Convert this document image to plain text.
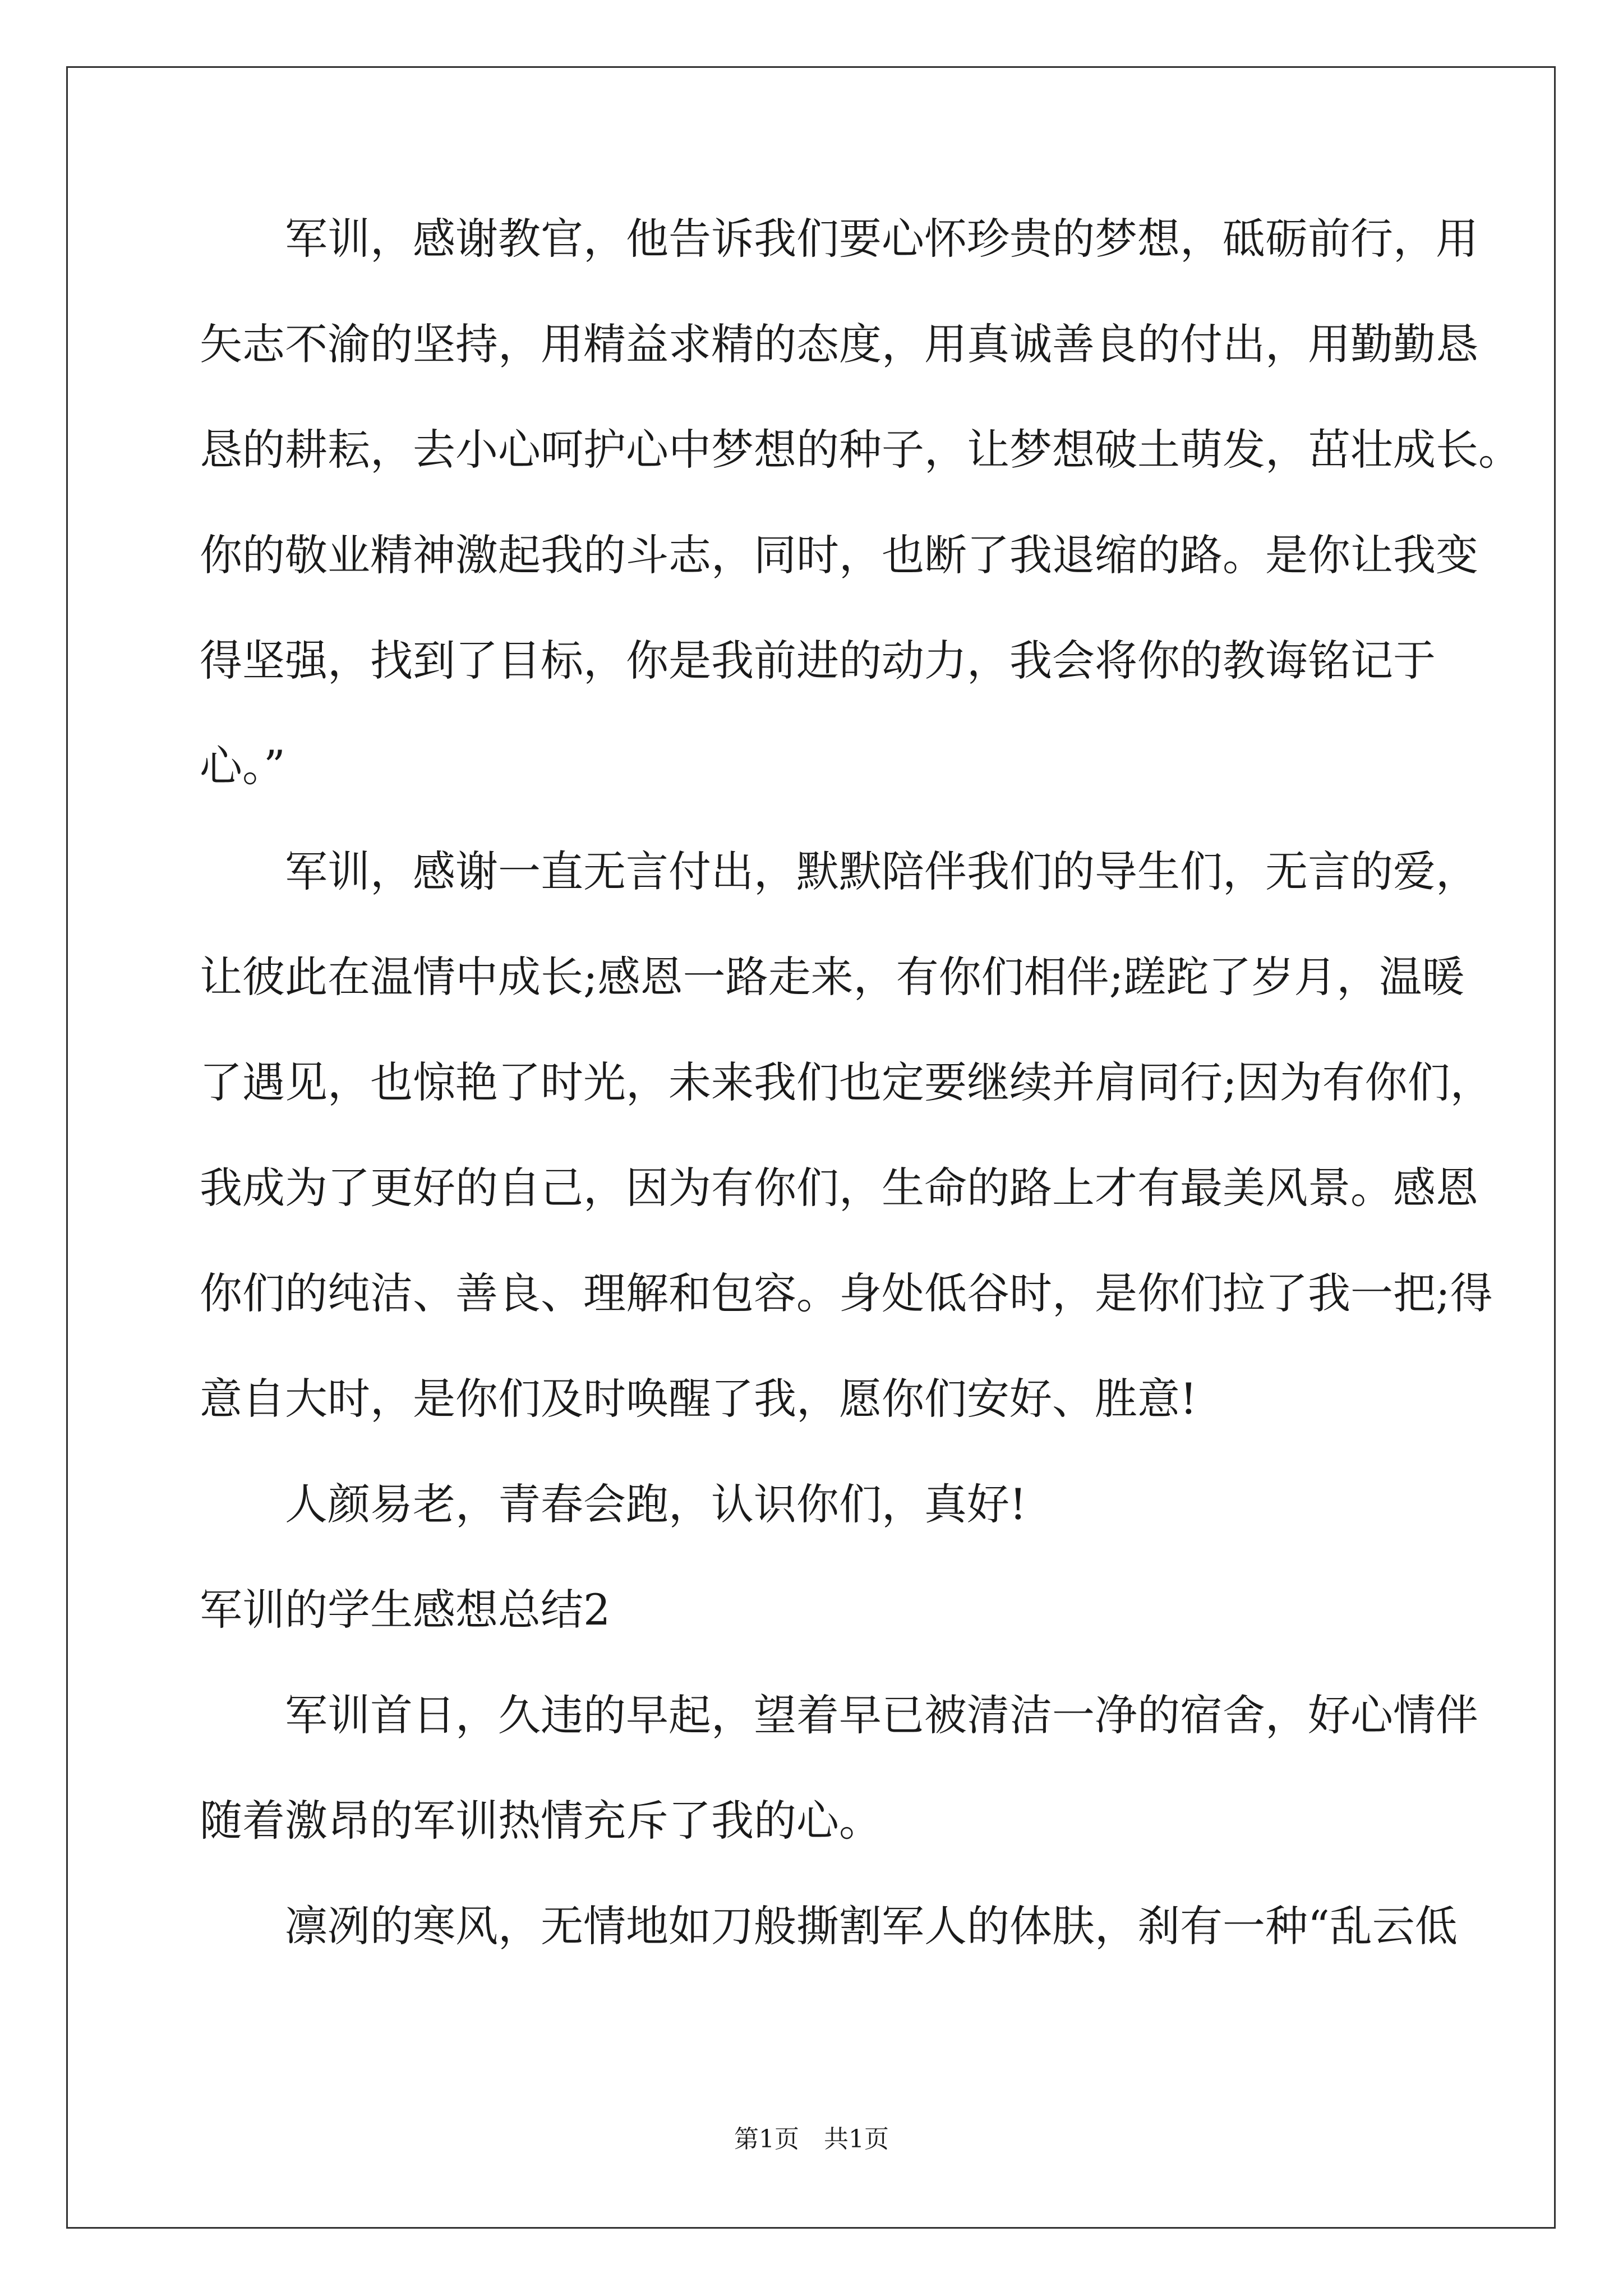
　　军训，感谢教官，他告诉我们要心怀珍贵的梦想，砥砺前行，用
矢志不渝的坚持，用精益求精的态度，用真诚善良的付出，用勤勤恳
恳的耕耘，去小心呵护心中梦想的种子，让梦想破土萌发，茁壮成长。
你的敬业精神激起我的斗志，同时，也断了我退缩的路。是你让我变
得坚强，找到了目标，你是我前进的动力，我会将你的教诲铭记于
心。”
　　军训，感谢一直无言付出，默默陪伴我们的导生们，无言的爱，
让彼此在温情中成长;感恩一路走来，有你们相伴;蹉跎了岁月，温暖
了遇见，也惊艳了时光，未来我们也定要继续并肩同行;因为有你们，
我成为了更好的自己，因为有你们，生命的路上才有最美风景。感恩
你们的纯洁、善良、理解和包容。身处低谷时，是你们拉了我一把;得
意自大时，是你们及时唤醒了我，愿你们安好、胜意!
　　人颜易老，青春会跑，认识你们，真好!
军训的学生感想总结2
　　军训首日，久违的早起，望着早已被清洁一净的宿舍，好心情伴
随着激昂的军训热情充斥了我的心。
　　凛冽的寒风，无情地如刀般撕割军人的体肤，刹有一种“乱云低
第1页　共1页
